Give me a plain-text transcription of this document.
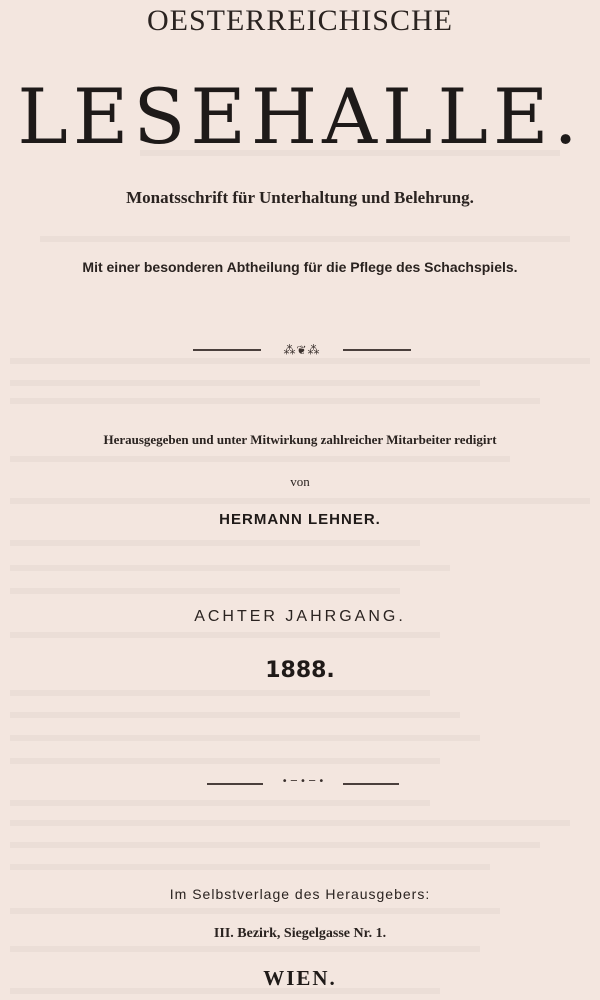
OESTERREICHISCHE
LESEHALLE.
Monatsschrift für Unterhaltung und Belehrung.
Mit einer besonderen Abtheilung für die Pflege des Schachspiels.
⁂❦⁂
Herausgegeben und unter Mitwirkung zahlreicher Mitarbeiter redigirt
von
HERMANN LEHNER.
ACHTER JAHRGANG.
1888.
• ─ • ─ •
Im Selbstverlage des Herausgebers:
III. Bezirk, Siegelgasse Nr. 1.
WIEN.
